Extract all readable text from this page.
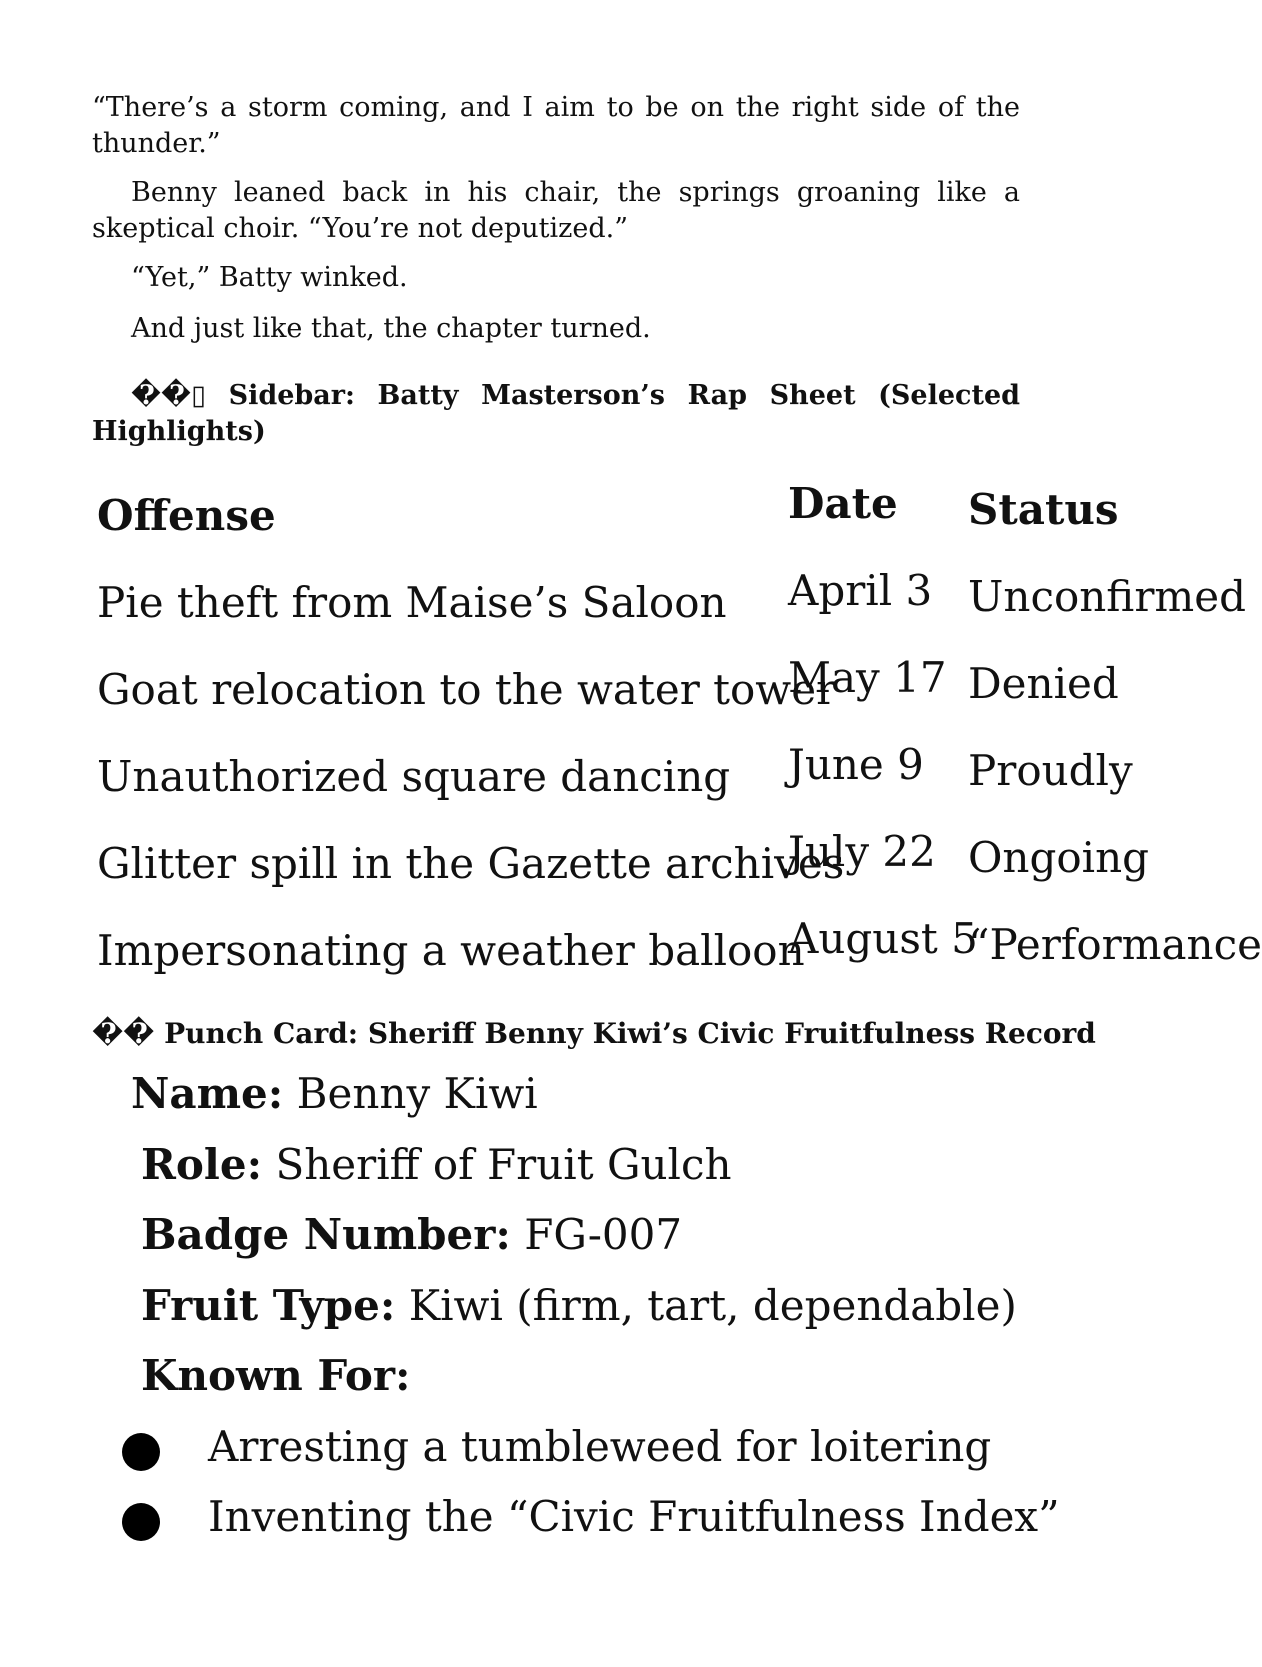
“There’s a storm coming, and I aim to be on the right side of the thunder.”

Benny leaned back in his chair, the springs groaning like a skeptical choir. “You’re not deputized.”

“Yet,” Batty winked.

And just like that, the chapter turned.

��▯ Sidebar: Batty Masterson’s Rap Sheet (Selected Highlights)

Offense	Date Status
Pie theft from Maise’s Saloon April 3 Unconfirmed
Goat relocation to the water tower
May 17 Denied
Unauthorized square dancing June 9 Proudly
Glitter spill in the Gazette archives
July 22 Ongoing
Impersonating a weather balloon
August 5
“Performance

�� Punch Card: Sheriff Benny Kiwi’s Civic Fruitfulness Record

Name: Benny Kiwi

Role: Sheriff of Fruit Gulch

Badge Number: FG-007

Fruit Type: Kiwi (firm, tart, dependable)

Known For:

Arresting a tumbleweed for loitering
Inventing the “Civic Fruitfulness Index”
